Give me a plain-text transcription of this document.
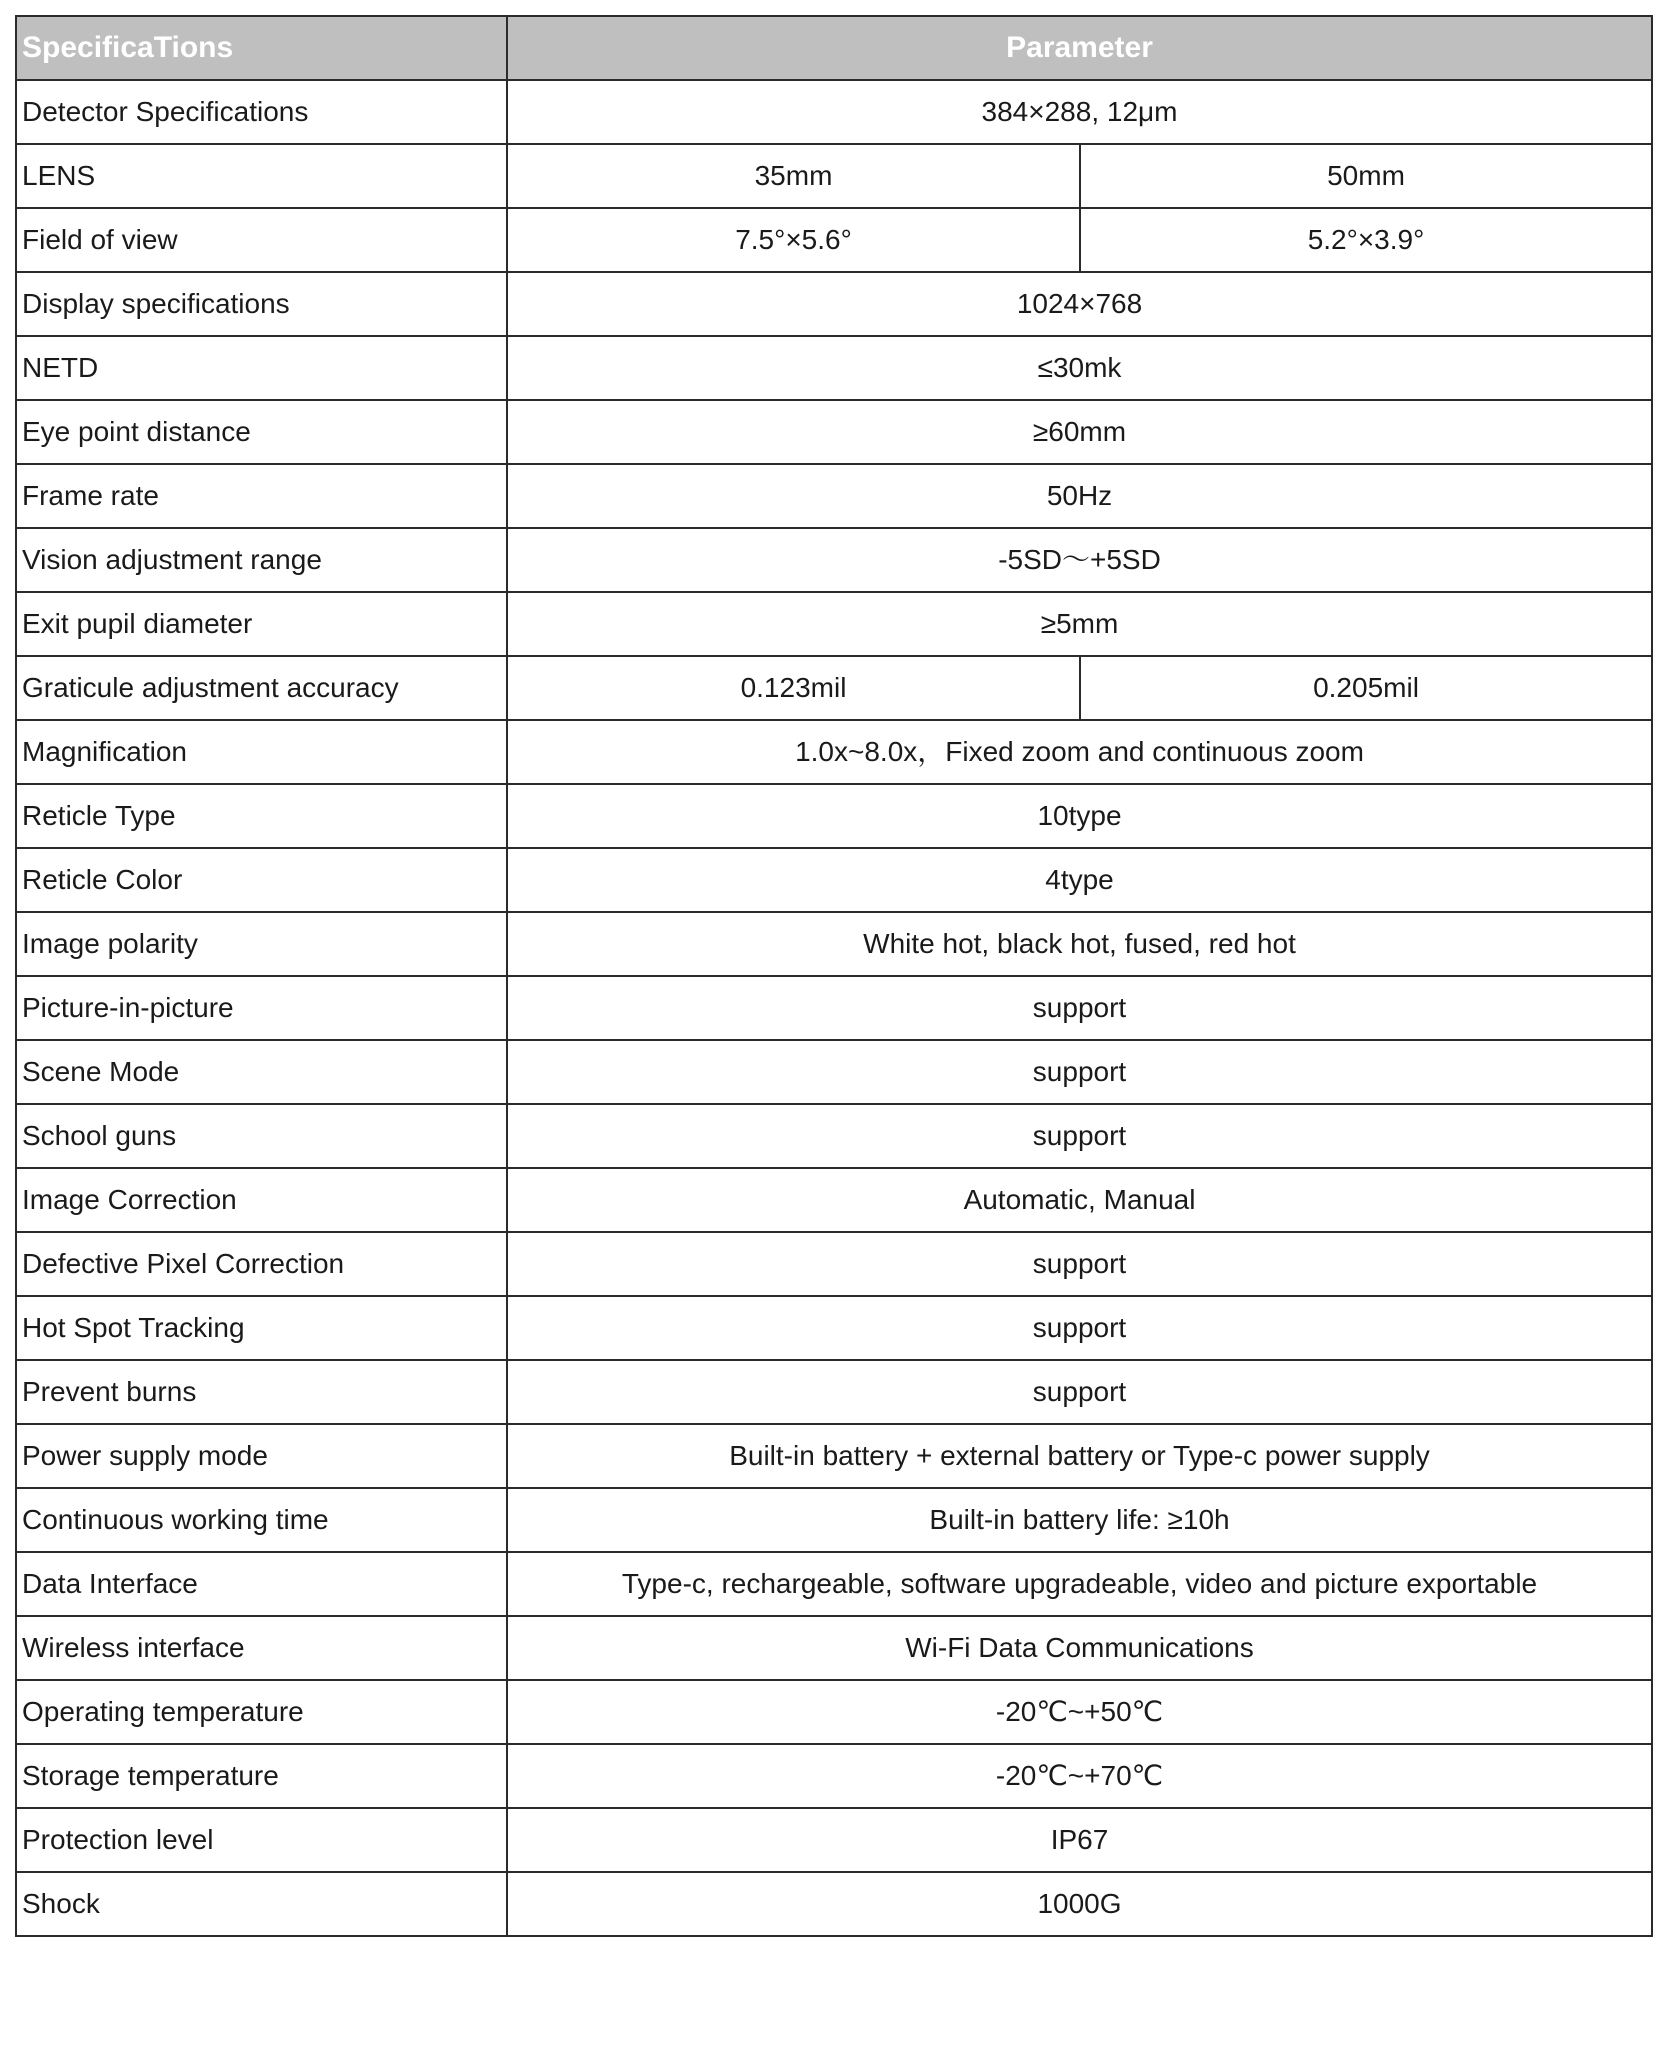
SpecificaTions	Parameter	
Detector Specifications	384×288, 12μm	
LENS	35mm	50mm
Field of view	7.5°×5.6°	5.2°×3.9°
Display specifications	1024×768	
NETD	≤30mk	
Eye point distance	≥60mm	
Frame rate	50Hz	
Vision adjustment range	-5SD～+5SD	
Exit pupil diameter	≥5mm	
Graticule adjustment accuracy	0.123mil	0.205mil
Magnification	1.0x~8.0x，Fixed zoom and continuous zoom	
Reticle Type	10type	
Reticle Color	4type	
Image polarity	White hot, black hot, fused, red hot	
Picture-in-picture	support	
Scene Mode	support	
School guns	support	
Image Correction	Automatic, Manual	
Defective Pixel Correction	support	
Hot Spot Tracking	support	
Prevent burns	support	
Power supply mode	Built-in battery + external battery or Type-c power supply	
Continuous working time	Built-in battery life: ≥10h	
Data Interface	Type-c, rechargeable, software upgradeable, video and picture exportable	
Wireless interface	Wi-Fi Data Communications	
Operating temperature	-20℃~+50℃	
Storage temperature	-20℃~+70℃	
Protection level	IP67	
Shock	1000G	
